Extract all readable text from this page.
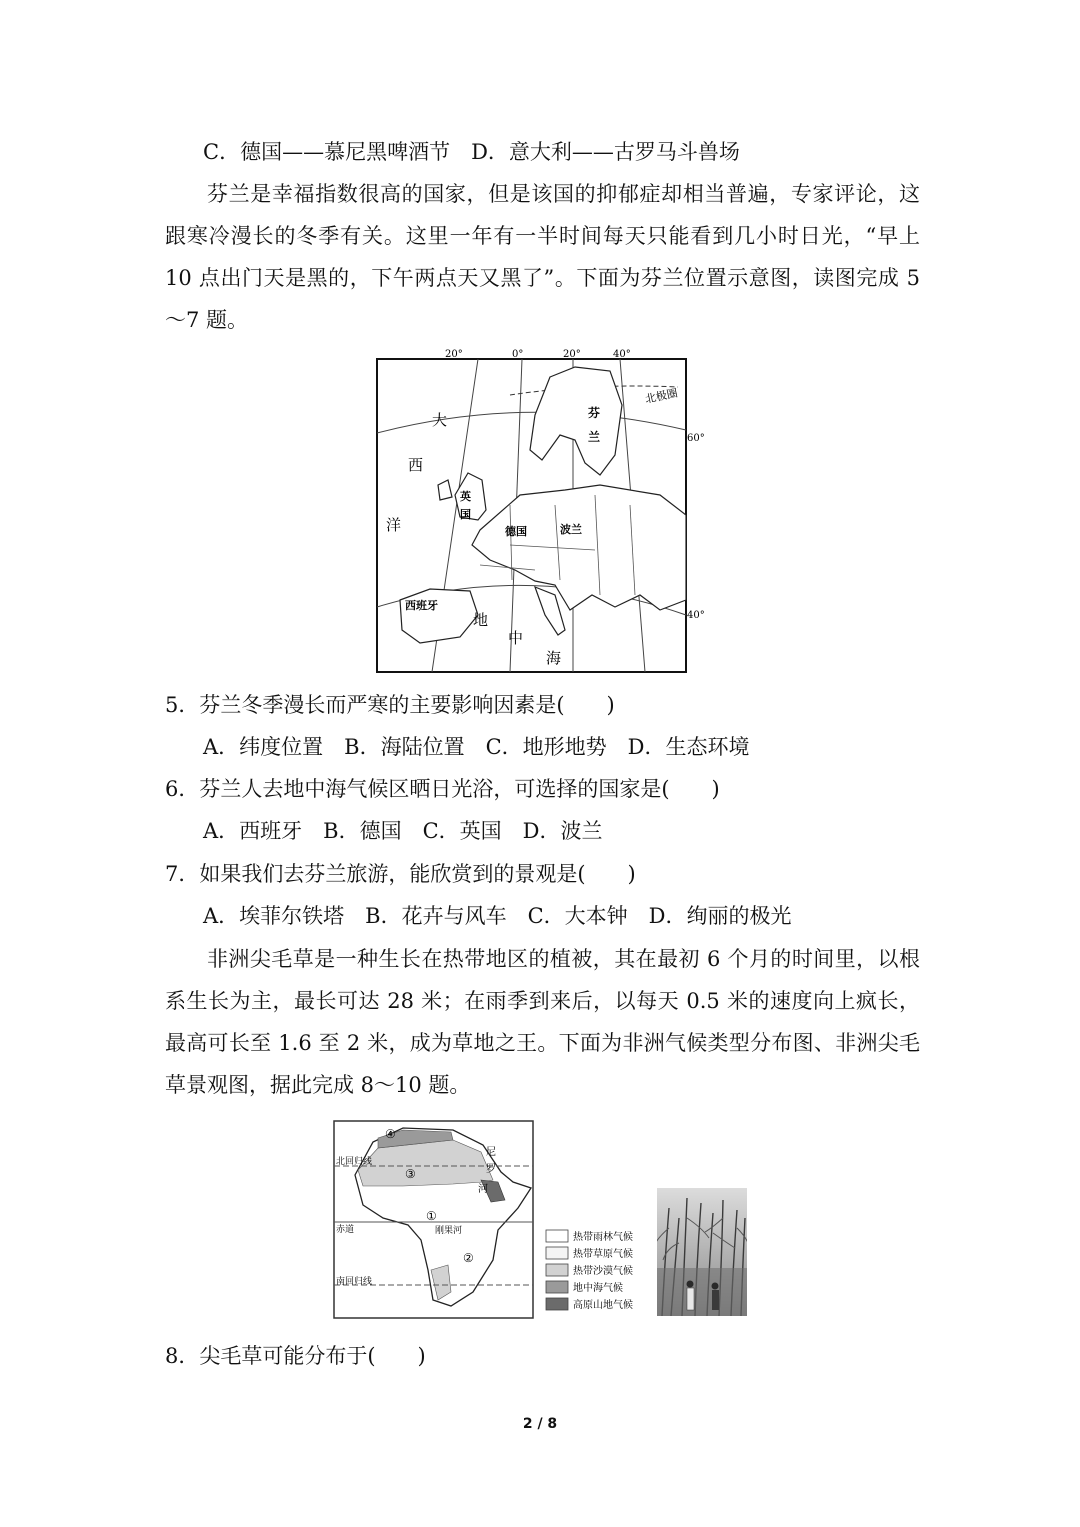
C．德国——慕尼黑啤酒节　D．意大利——古罗马斗兽场
芬兰是幸福指数很高的国家，但是该国的抑郁症却相当普遍，专家评论，这跟寒冷漫长的冬季有关。这里一年有一半时间每天只能看到几小时日光，“早上 10 点出门天是黑的，下午两点天又黑了”。下面为芬兰位置示意图，读图完成 5～7 题。
20°	0°	20°	40°
60°
40°
北极圈
大
西
洋
芬
兰
英
国
德国	波兰
西班牙
地
中
海
5．芬兰冬季漫长而严寒的主要影响因素是(　　)
A．纬度位置　B．海陆位置　C．地形地势　D．生态环境
6．芬兰人去地中海气候区晒日光浴，可选择的国家是(　　)
A．西班牙　B．德国　C．英国　D．波兰
7．如果我们去芬兰旅游，能欣赏到的景观是(　　)
A．埃菲尔铁塔　B．花卉与风车　C．大本钟　D．绚丽的极光
非洲尖毛草是一种生长在热带地区的植被，其在最初 6 个月的时间里，以根系生长为主，最长可达 28 米；在雨季到来后，以每天 0.5 米的速度向上疯长，最高可长至 1.6 至 2 米，成为草地之王。下面为非洲气候类型分布图、非洲尖毛草景观图，据此完成 8～10 题。
北回归线
赤道
南回归线
①
②
③
④
尼
罗
河
刚果河
热带雨林气候
热带草原气候
热带沙漠气候
地中海气候
高原山地气候
8．尖毛草可能分布于(　　)
2 / 8
